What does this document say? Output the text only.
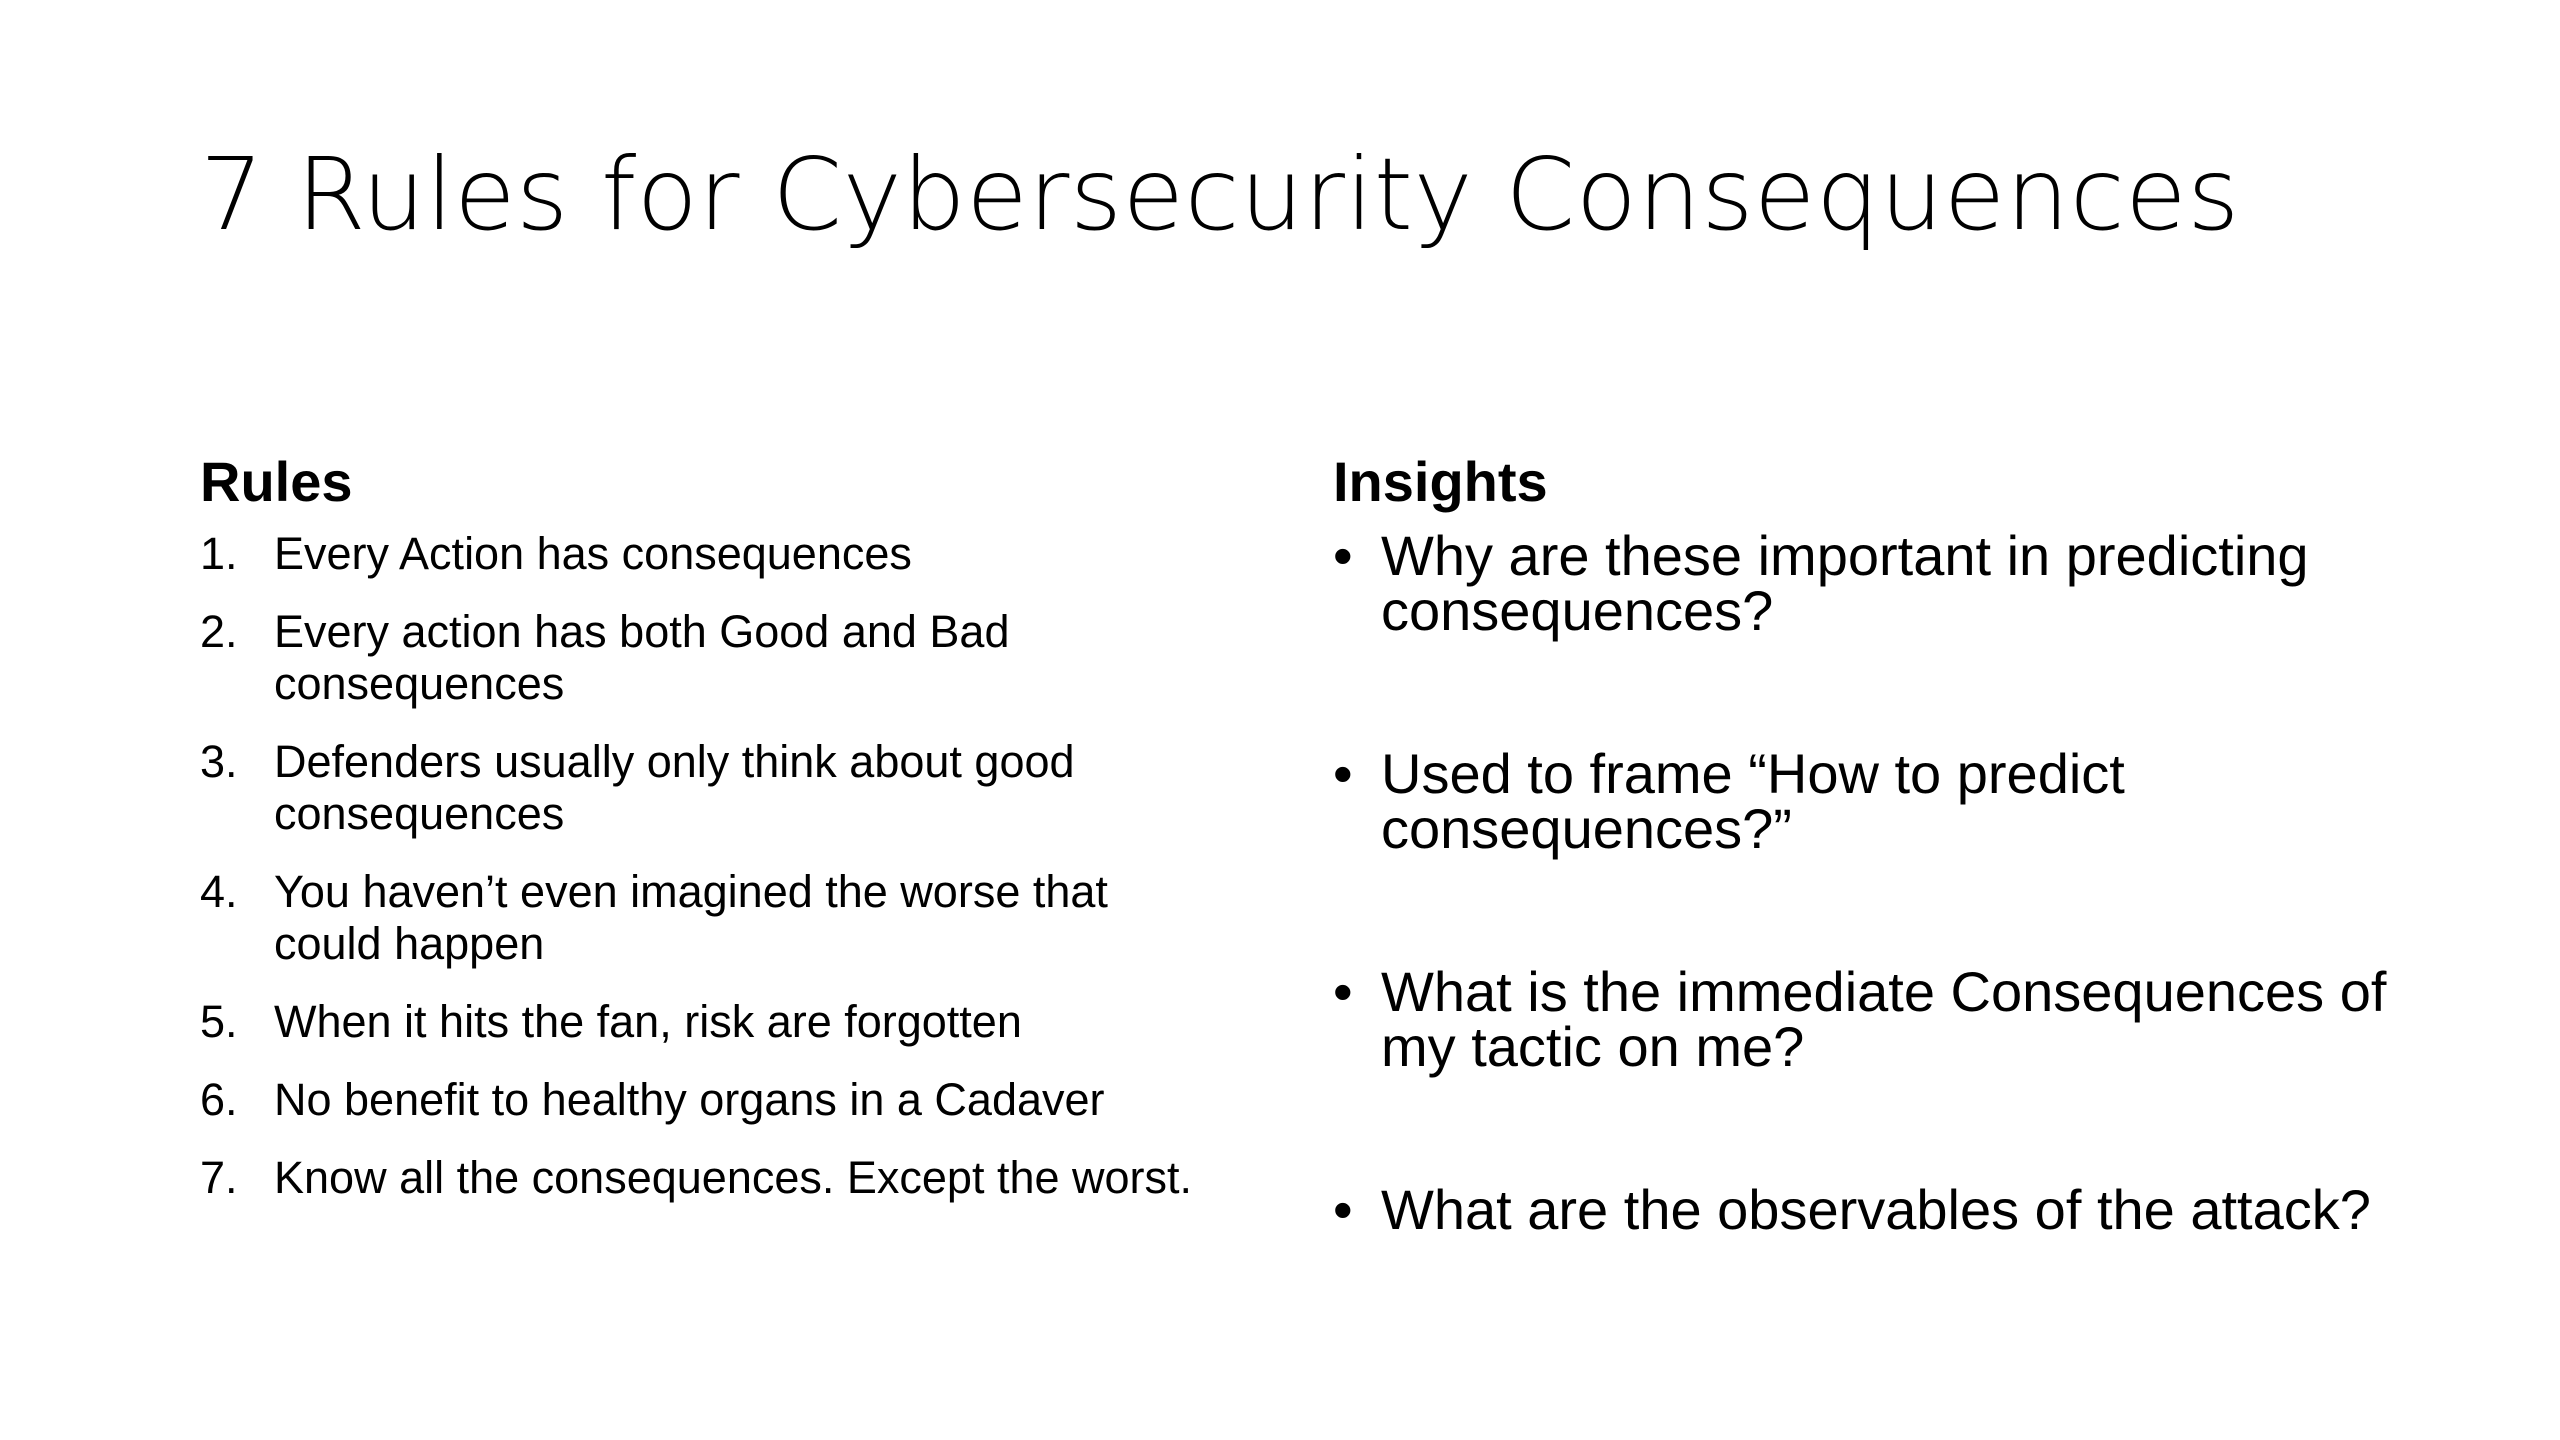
7 Rules for Cybersecurity Consequences
Rules
1. Every Action has consequences
2. Every action has both Good and Bad consequences
3. Defenders usually only think about good consequences
4. You haven’t even imagined the worse that could happen
5. When it hits the fan, risk are forgotten
6. No benefit to healthy organs in a Cadaver
7. Know all the consequences. Except the worst.
Insights
• Why are these important in predicting consequences?
• Used to frame “How to predict consequences?”
• What is the immediate Consequences of my tactic on me?
• What are the observables of the attack?
